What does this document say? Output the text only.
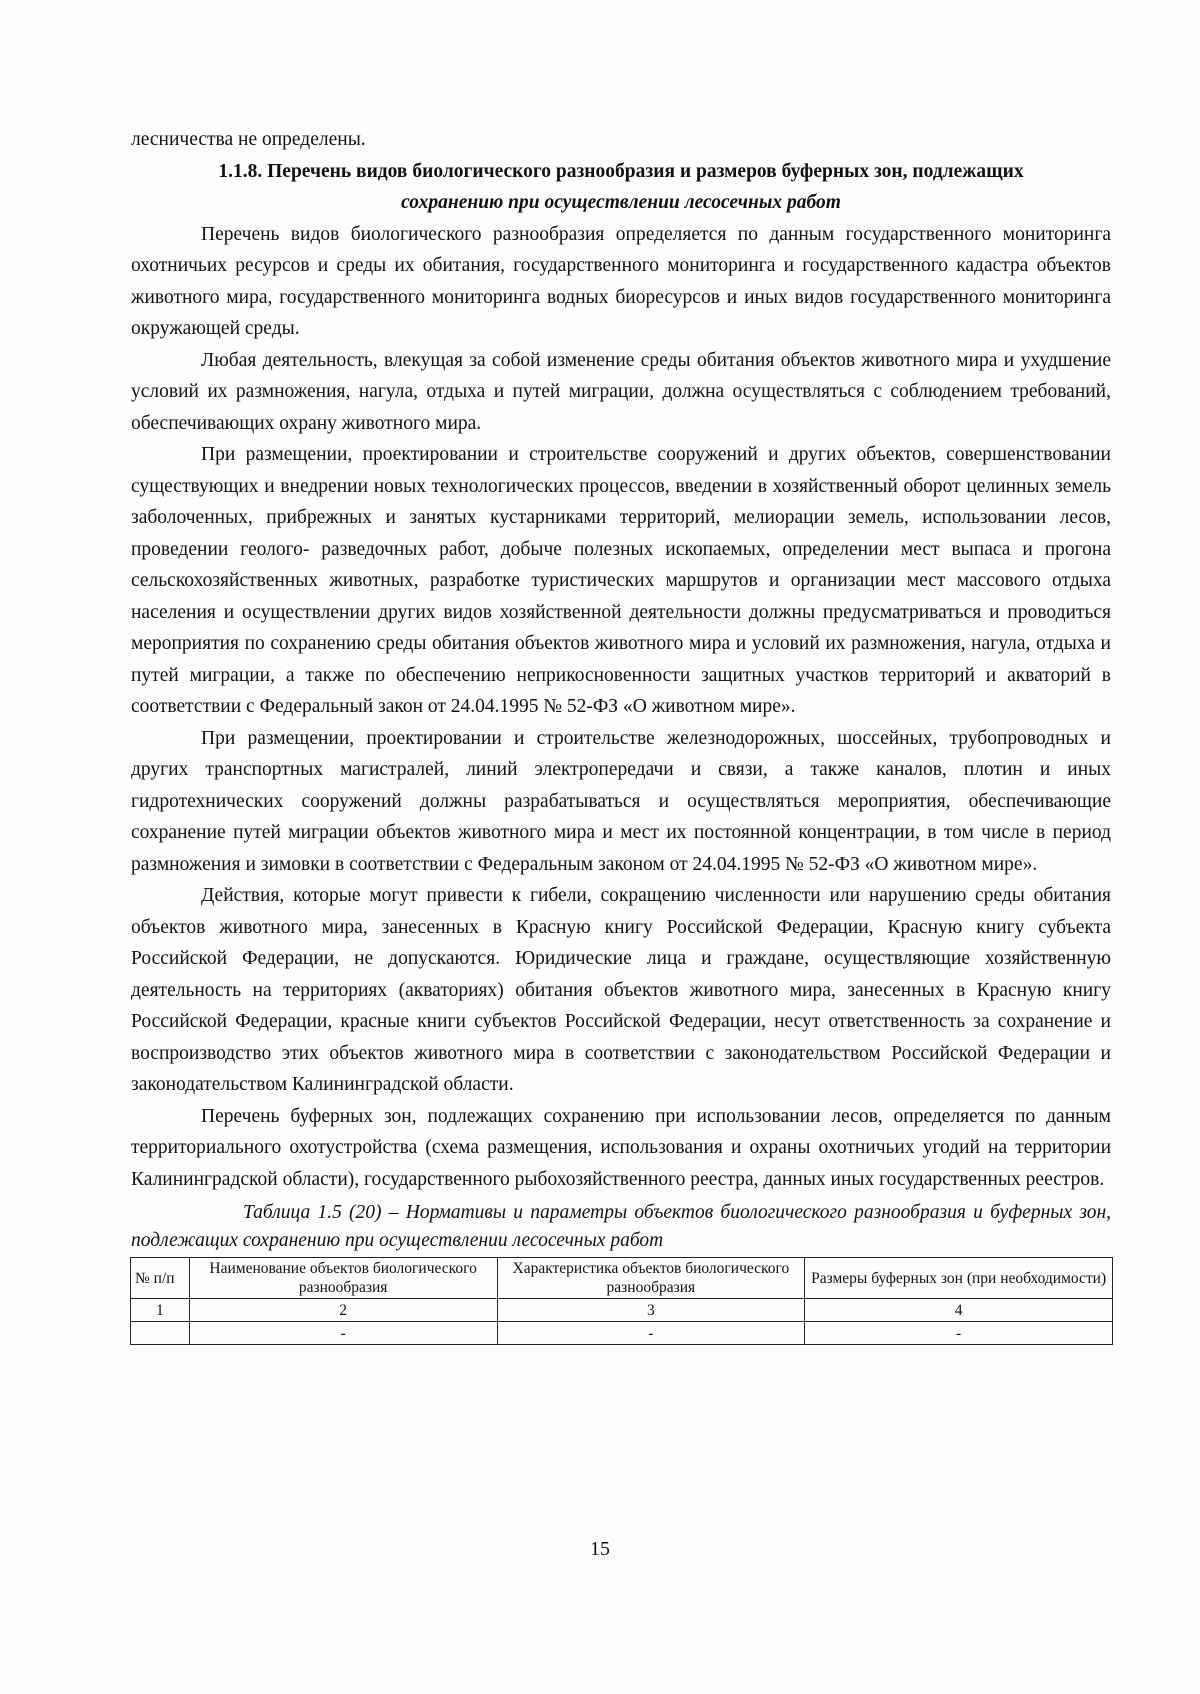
лесничества не определены.

1.1.8. Перечень видов биологического разнообразия и размеров буферных зон, подлежащих
сохранению при осуществлении лесосечных работ

Перечень видов биологического разнообразия определяется по данным государственного мониторинга охотничьих ресурсов и среды их обитания, государственного мониторинга и государственного кадастра объектов животного мира, государственного мониторинга водных биоресурсов и иных видов государственного мониторинга окружающей среды.

Любая деятельность, влекущая за собой изменение среды обитания объектов животного мира и ухудшение условий их размножения, нагула, отдыха и путей миграции, должна осуществляться с соблюдением требований, обеспечивающих охрану животного мира.

При размещении, проектировании и строительстве сооружений и других объектов, совершенствовании существующих и внедрении новых технологических процессов, введении в хозяйственный оборот целинных земель заболоченных, прибрежных и занятых кустарниками территорий, мелиорации земель, использовании лесов, проведении геолого- разведочных работ, добыче полезных ископаемых, определении мест выпаса и прогона сельскохозяйственных животных, разработке туристических маршрутов и организации мест массового отдыха населения и осуществлении других видов хозяйственной деятельности должны предусматриваться и проводиться мероприятия по сохранению среды обитания объектов животного мира и условий их размножения, нагула, отдыха и путей миграции, а также по обеспечению неприкосновенности защитных участков территорий и акваторий в соответствии с Федеральный закон от 24.04.1995 № 52-ФЗ «О животном мире».

При размещении, проектировании и строительстве железнодорожных, шоссейных, трубопроводных и других транспортных магистралей, линий электропередачи и связи, а также каналов, плотин и иных гидротехнических сооружений должны разрабатываться и осуществляться мероприятия, обеспечивающие сохранение путей миграции объектов животного мира и мест их постоянной концентрации, в том числе в период размножения и зимовки в соответствии с Федеральным законом от 24.04.1995 № 52-ФЗ «О животном мире».

Действия, которые могут привести к гибели, сокращению численности или нарушению среды обитания объектов животного мира, занесенных в Красную книгу Российской Федерации, Красную книгу субъекта Российской Федерации, не допускаются. Юридические лица и граждане, осуществляющие хозяйственную деятельность на территориях (акваториях) обитания объектов животного мира, занесенных в Красную книгу Российской Федерации, красные книги субъектов Российской Федерации, несут ответственность за сохранение и воспроизводство этих объектов животного мира в соответствии с законодательством Российской Федерации и законодательством Калининградской области.

Перечень буферных зон, подлежащих сохранению при использовании лесов, определяется по данным территориального охотустройства (схема размещения, использования и охраны охотничьих угодий на территории Калининградской области), государственного рыбохозяйственного реестра, данных иных государственных реестров.

Таблица 1.5 (20) – Нормативы и параметры объектов биологического разнообразия и буферных зон, подлежащих сохранению при осуществлении лесосечных работ

№ п/п	Наименование объектов биологического разнообразия	Характеристика объектов биологического разнообразия	Размеры буферных зон (при необходимости)
1	2	3	4
	-	-	-
15
